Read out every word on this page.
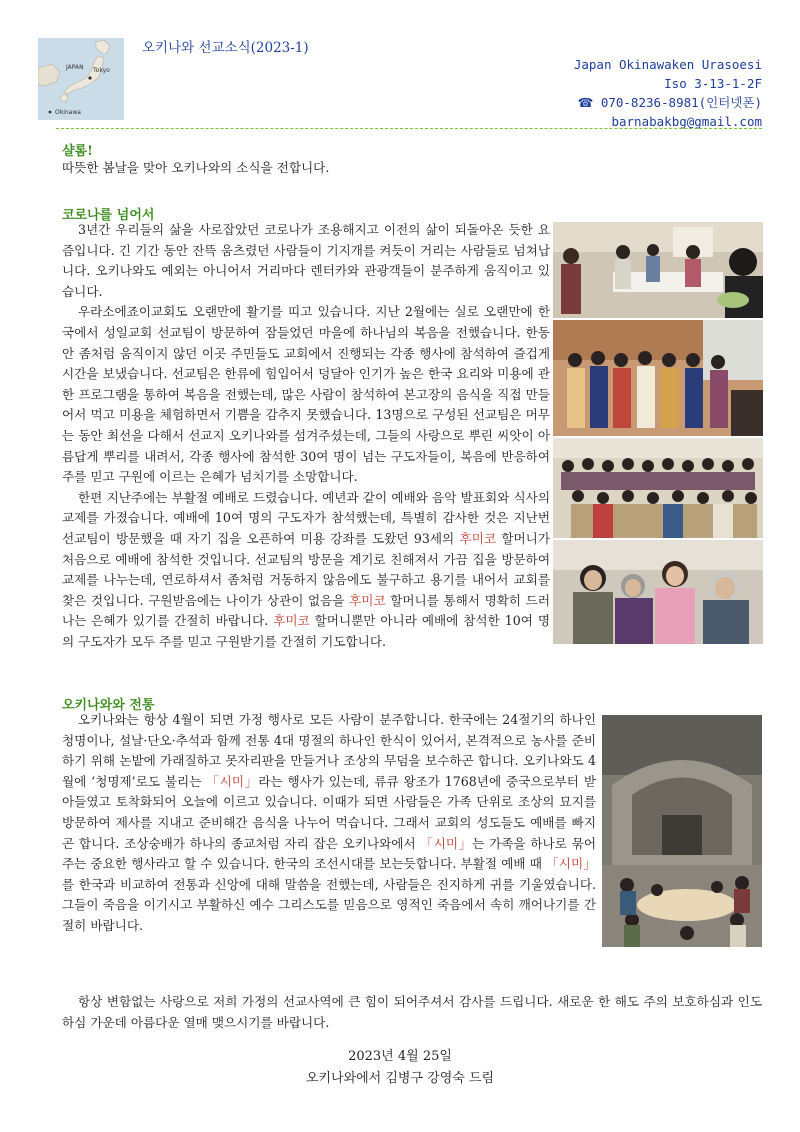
JAPAN Tokyo
Okinawa
오키나와 선교소식(2023-1)
Japan Okinawaken Urasoesi
Iso 3-13-1-2F
☎ 070-8236-8981(인터넷폰)
barnabakbg@gmail.com
샬롬!

따뜻한 봄날을 맞아 오키나와의 소식을 전합니다.

코로나를 넘어서

3년간 우리들의 삶을 사로잡았던 코로나가 조용해지고 이전의 삶이 되돌아온 듯한 요즘입니다. 긴 기간 동안 잔뜩 움츠렸던 사람들이 기지개를 켜듯이 거리는 사람들로 넘쳐납니다. 오키나와도 예외는 아니어서 거리마다 렌터카와 관광객들이 분주하게 움직이고 있습니다.

우라소에죠이교회도 오랜만에 활기를 띠고 있습니다. 지난 2월에는 실로 오랜만에 한국에서 성일교회 선교팀이 방문하여 잠들었던 마을에 하나님의 복음을 전했습니다. 한동안 좀처럼 움직이지 않던 이곳 주민들도 교회에서 진행되는 각종 행사에 참석하여 즐겁게 시간을 보냈습니다. 선교팀은 한류에 힘입어서 덩달아 인기가 높은 한국 요리와 미용에 관한 프로그램을 통하여 복음을 전했는데, 많은 사람이 참석하여 본고장의 음식을 직접 만들어서 먹고 미용을 체험하면서 기쁨을 감추지 못했습니다. 13명으로 구성된 선교팀은 머무는 동안 최선을 다해서 선교지 오키나와를 섬겨주셨는데, 그들의 사랑으로 뿌린 씨앗이 아름답게 뿌리를 내려서, 각종 행사에 참석한 30여 명이 넘는 구도자들이, 복음에 반응하여 주를 믿고 구원에 이르는 은혜가 넘치기를 소망합니다.

한편 지난주에는 부활절 예배로 드렸습니다. 예년과 같이 예배와 음악 발표회와 식사의 교제를 가졌습니다. 예배에 10여 명의 구도자가 참석했는데, 특별히 감사한 것은 지난번 선교팀이 방문했을 때 자기 집을 오픈하여 미용 강좌를 도왔던 93세의 후미코 할머니가 처음으로 예배에 참석한 것입니다. 선교팀의 방문을 계기로 친해져서 가끔 집을 방문하여 교제를 나누는데, 연로하셔서 좀처럼 거동하지 않음에도 불구하고 용기를 내어서 교회를 찾은 것입니다. 구원받음에는 나이가 상관이 없음을 후미코 할머니를 통해서 명확히 드러나는 은혜가 있기를 간절히 바랍니다. 후미코 할머니뿐만 아니라 예배에 참석한 10여 명의 구도자가 모두 주를 믿고 구원받기를 간절히 기도합니다.

오키나와와 전통

오키나와는 항상 4월이 되면 가정 행사로 모든 사람이 분주합니다. 한국에는 24절기의 하나인 청명이나, 설날·단오·추석과 함께 전통 4대 명절의 하나인 한식이 있어서, 본격적으로 농사를 준비하기 위해 논밭에 가래질하고 못자리판을 만들거나 조상의 무덤을 보수하곤 합니다. 오키나와도 4월에 ‘청명제’로도 불리는 「시미」라는 행사가 있는데, 류큐 왕조가 1768년에 중국으로부터 받아들였고 토착화되어 오늘에 이르고 있습니다. 이때가 되면 사람들은 가족 단위로 조상의 묘지를 방문하여 제사를 지내고 준비해간 음식을 나누어 먹습니다. 그래서 교회의 성도들도 예배를 빠지곤 합니다. 조상숭배가 하나의 종교처럼 자리 잡은 오키나와에서 「시미」는 가족을 하나로 묶어주는 중요한 행사라고 할 수 있습니다. 한국의 조선시대를 보는듯합니다. 부활절 예배 때 「시미」를 한국과 비교하여 전통과 신앙에 대해 말씀을 전했는데, 사람들은 진지하게 귀를 기울였습니다. 그들이 죽음을 이기시고 부활하신 예수 그리스도를 믿음으로 영적인 죽음에서 속히 깨어나기를 간절히 바랍니다.

항상 변함없는 사랑으로 저희 가정의 선교사역에 큰 힘이 되어주셔서 감사를 드립니다. 새로운 한 해도 주의 보호하심과 인도하심 가운데 아름다운 열매 맺으시기를 바랍니다.

2023년 4월 25일
오키나와에서 김병구 강영숙 드림
